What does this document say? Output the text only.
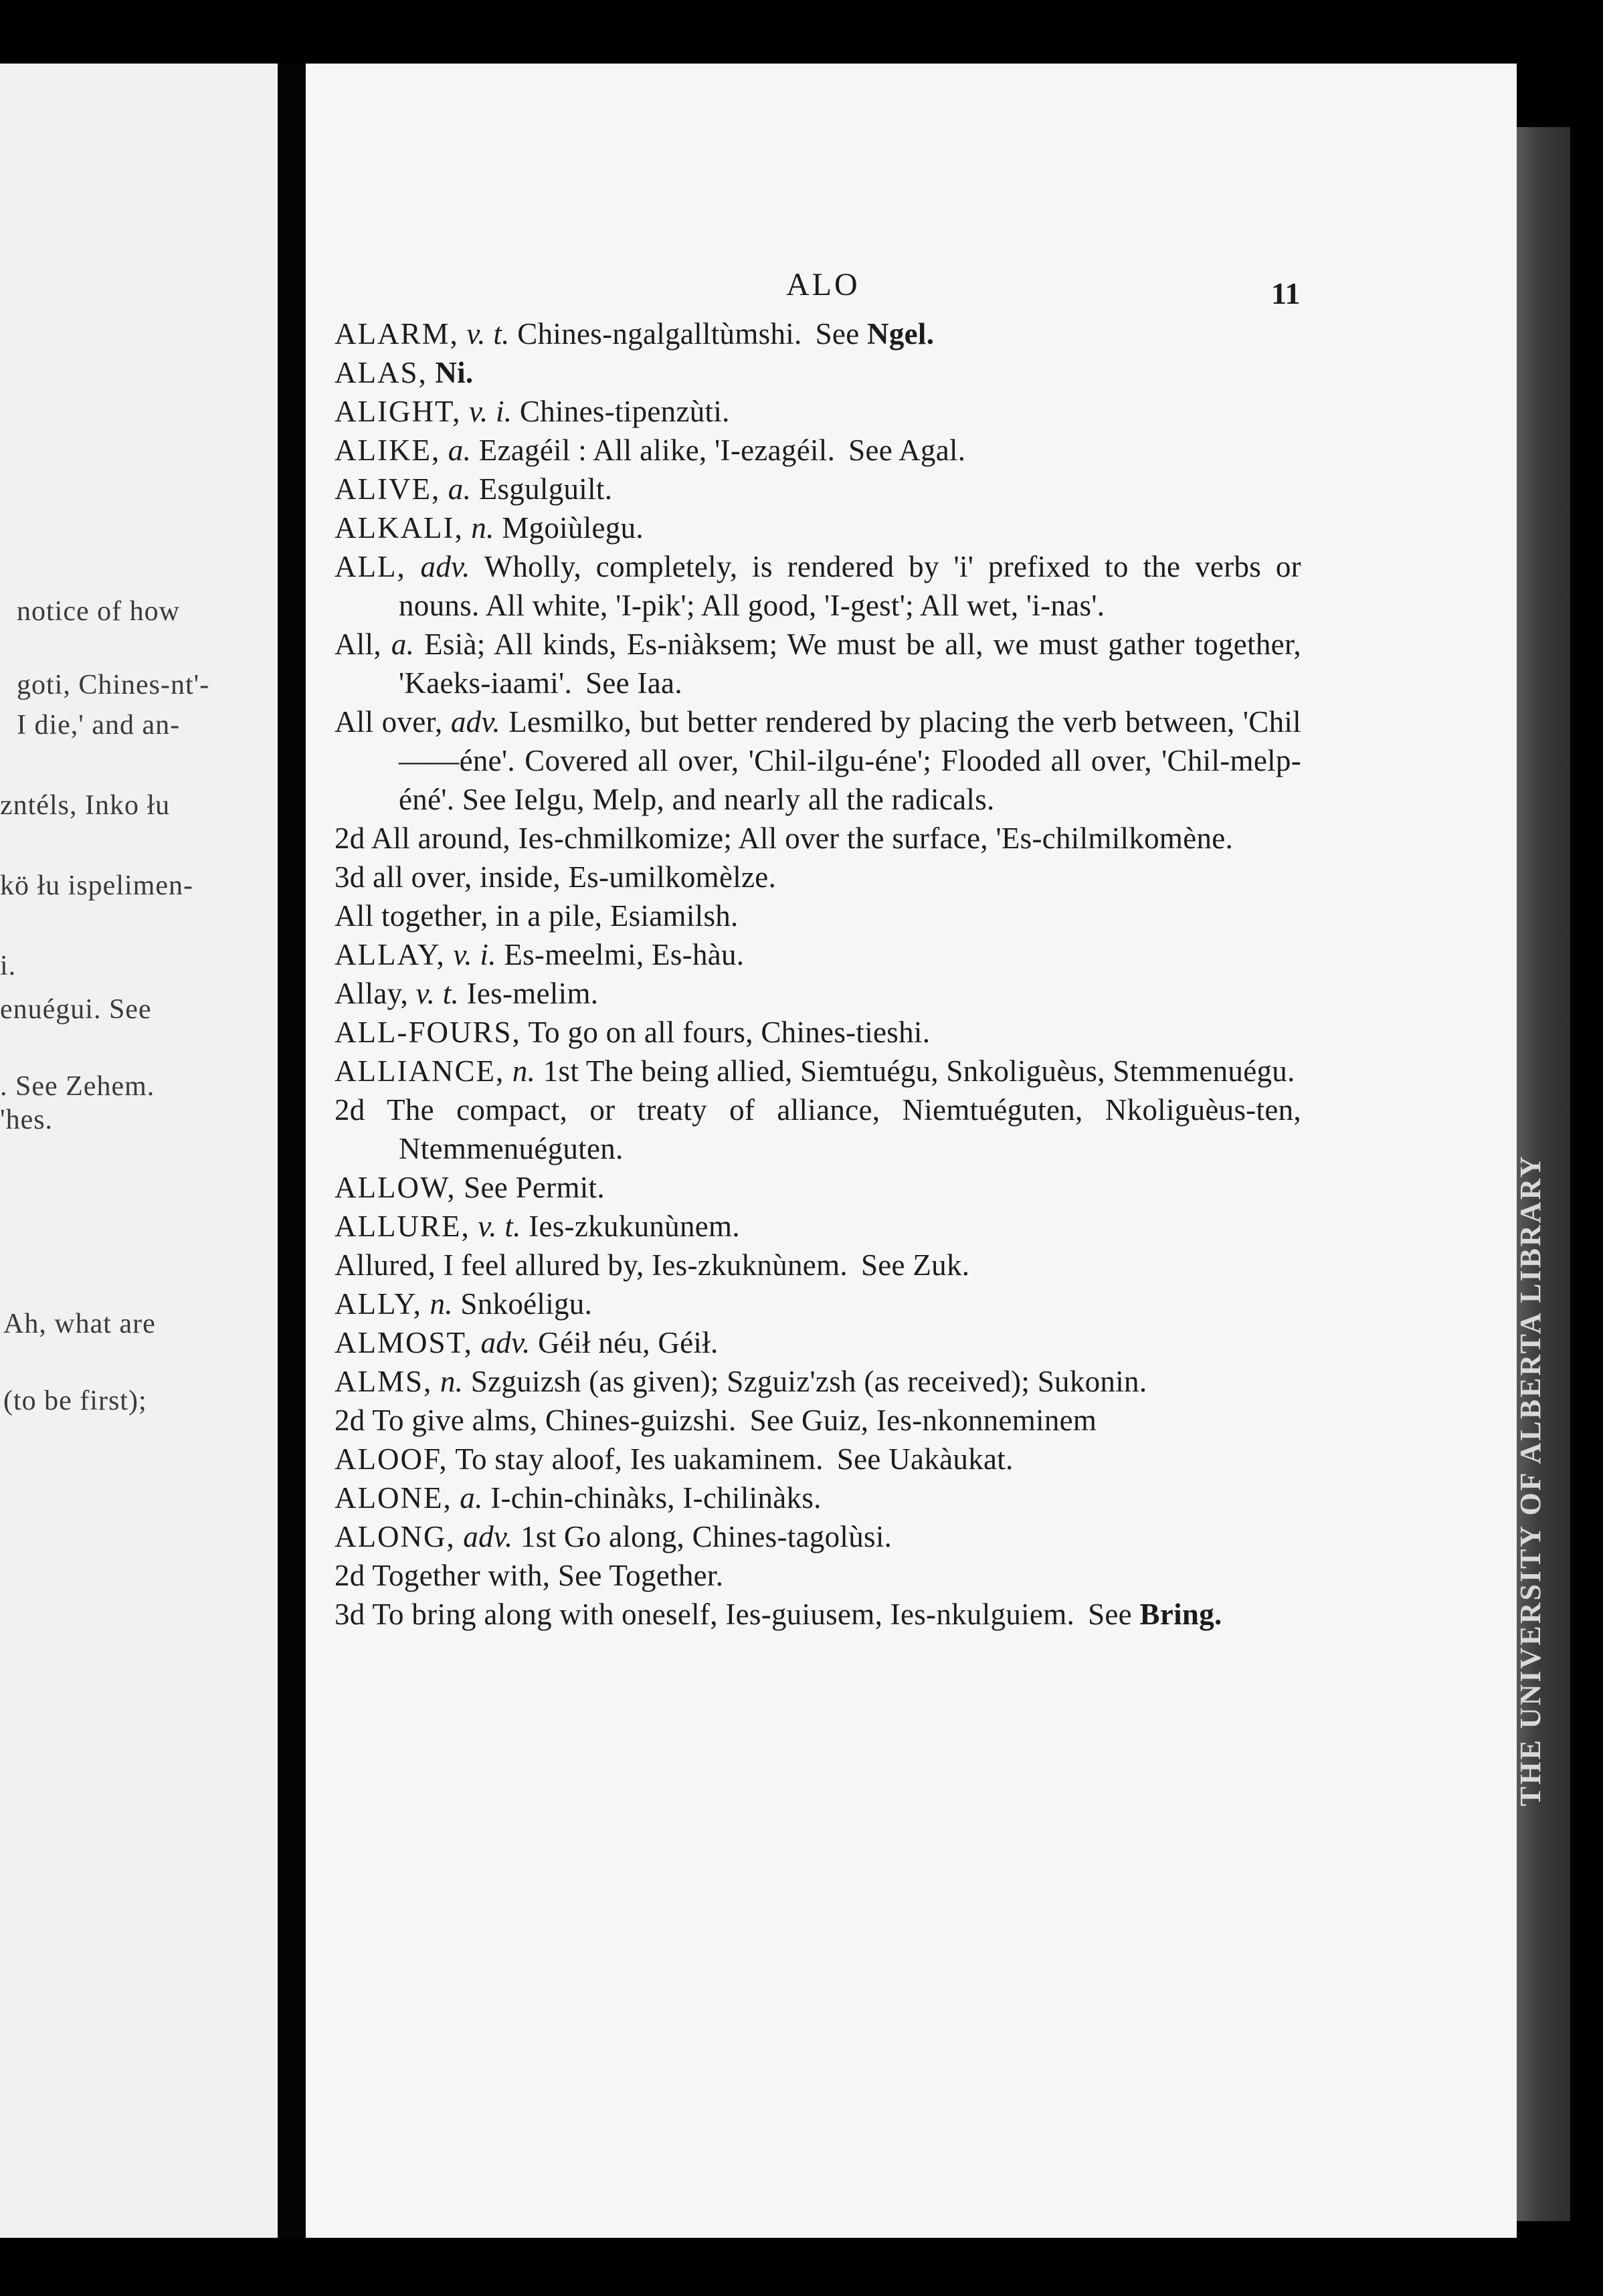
notice of how
goti, Chines-nt'-
I die,' and an-
zntéls, Inko łu
kö łu ispelimen-
i.
enuégui. See
. See Zehem.
'hes.
Ah, what are
(to be first);	THE UNIVERSITY OF ALBERTA LIBRARY
ALO	11
ALARM, v. t. Chines-ngalgalltùmshi. See Ngel.
ALAS, Ni.
ALIGHT, v. i. Chines-tipenzùti.
ALIKE, a. Ezagéil : All alike, 'I-ezagéil. See Agal.
ALIVE, a. Esgulguilt.
ALKALI, n. Mgoiùlegu.
ALL, adv. Wholly, completely, is rendered by 'i' prefixed to the verbs or nouns. All white, 'I-pik'; All good, 'I-gest'; All wet, 'i-nas'.
All, a. Esià; All kinds, Es-niàksem; We must be all, we must gather together, 'Kaeks-iaami'. See Iaa.
All over, adv. Lesmilko, but better rendered by placing the verb between, 'Chil——éne'. Covered all over, 'Chil-ilgu-éne'; Flooded all over, 'Chil-melp-éné'. See Ielgu, Melp, and nearly all the radicals.
2d All around, Ies-chmilkomize; All over the surface, 'Es-chilmilkomène.
3d all over, inside, Es-umilkomèlze.
All together, in a pile, Esiamilsh.
ALLAY, v. i. Es-meelmi, Es-hàu.
Allay, v. t. Ies-melim.
ALL-FOURS, To go on all fours, Chines-tieshi.
ALLIANCE, n. 1st The being allied, Siemtuégu, Snkoliguèus, Stemmenuégu.
2d The compact, or treaty of alliance, Niemtuéguten, Nkoliguèus-ten, Ntemmenuéguten.
ALLOW, See Permit.
ALLURE, v. t. Ies-zkukunùnem.
Allured, I feel allured by, Ies-zkuknùnem. See Zuk.
ALLY, n. Snkoéligu.
ALMOST, adv. Géił néu, Géił.
ALMS, n. Szguizsh (as given); Szguiz'zsh (as received); Sukonin.
2d To give alms, Chines-guizshi. See Guiz, Ies-nkonneminem
ALOOF, To stay aloof, Ies uakaminem. See Uakàukat.
ALONE, a. I-chin-chinàks, I-chilinàks.
ALONG, adv. 1st Go along, Chines-tagolùsi.
2d Together with, See Together.
3d To bring along with oneself, Ies-guiusem, Ies-nkulguiem. See Bring.
